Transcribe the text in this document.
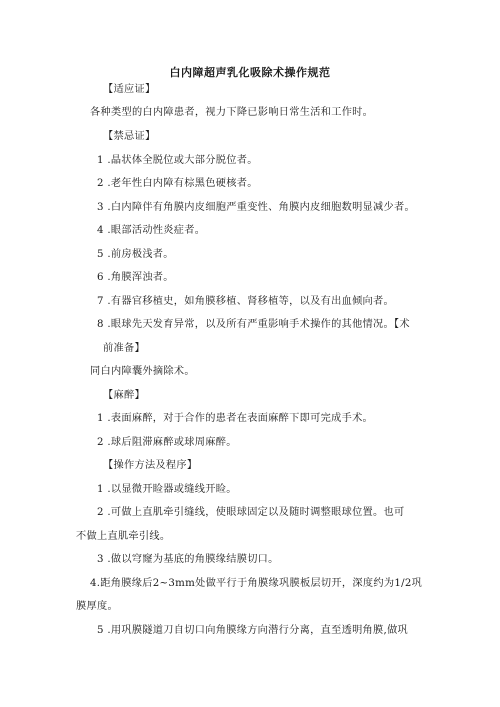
白内障超声乳化吸除术操作规范
【适应证】
各种类型的白内障患者，视力下降已影响日常生活和工作时。
【禁忌证】
1 .晶状体全脱位或大部分脱位者。
2 .老年性白内障有棕黑色硬核者。
3 .白内障伴有角膜内皮细胞严重变性、角膜内皮细胞数明显减少者。
4 .眼部活动性炎症者。
5 .前房极浅者。
6 .角膜浑浊者。
7 .有器官移植史，如角膜移植、肾移植等，以及有出血倾向者。
8 .眼球先天发育异常，以及所有严重影响手术操作的其他情况。【术
前准备】
同白内障囊外摘除术。
【麻醉】
1 .表面麻醉，对于合作的患者在表面麻醉下即可完成手术。
2 .球后阻滞麻醉或球周麻醉。
【操作方法及程序】
1 .以显微开睑器或缝线开睑。
2 .可做上直肌牵引缝线，使眼球固定以及随时调整眼球位置。也可
不做上直肌牵引线。
3 .做以穹窿为基底的角膜缘结膜切口。
4.距角膜缘后2~3mm处做平行于角膜缘巩膜板层切开，深度约为1/2巩
膜厚度。
5 .用巩膜隧道刀自切口向角膜缘方向潜行分离，直至透明角膜,做巩
